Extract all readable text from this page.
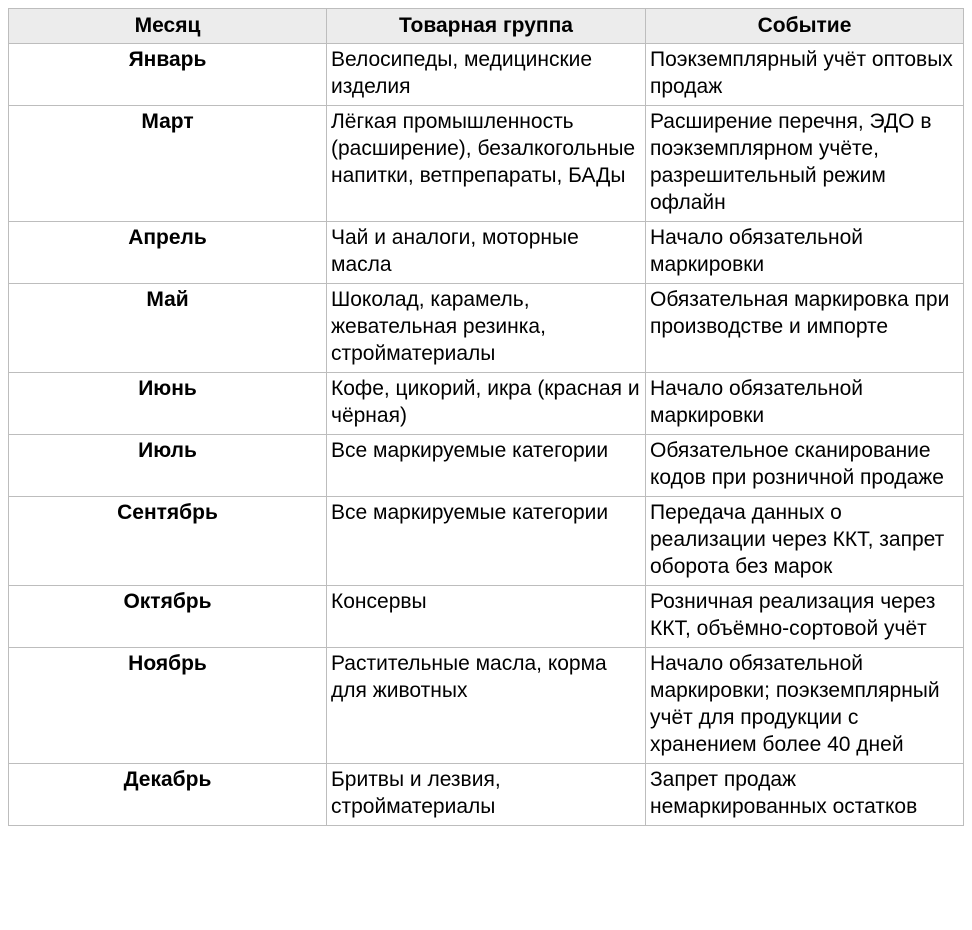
Месяц	Товарная группа	Событие
Январь	Велосипеды, медицинские изделия	Поэкземплярный учёт оптовых продаж
Март	Лёгкая промышленность (расширение), безалкогольные напитки, ветпрепараты, БАДы	Расширение перечня, ЭДО в поэкземплярном учёте, разрешительный режим офлайн
Апрель	Чай и аналоги, моторные масла	Начало обязательной маркировки
Май	Шоколад, карамель, жевательная резинка, стройматериалы	Обязательная маркировка при производстве и импорте
Июнь	Кофе, цикорий, икра (красная и чёрная)	Начало обязательной маркировки
Июль	Все маркируемые категории	Обязательное сканирование кодов при розничной продаже
Сентябрь	Все маркируемые категории	Передача данных о реализации через ККТ, запрет оборота без марок
Октябрь	Консервы	Розничная реализация через ККТ, объёмно-сортовой учёт
Ноябрь	Растительные масла, корма для животных	Начало обязательной маркировки; поэкземплярный учёт для продукции с хранением более 40 дней
Декабрь	Бритвы и лезвия, стройматериалы	Запрет продаж немаркированных остатков
